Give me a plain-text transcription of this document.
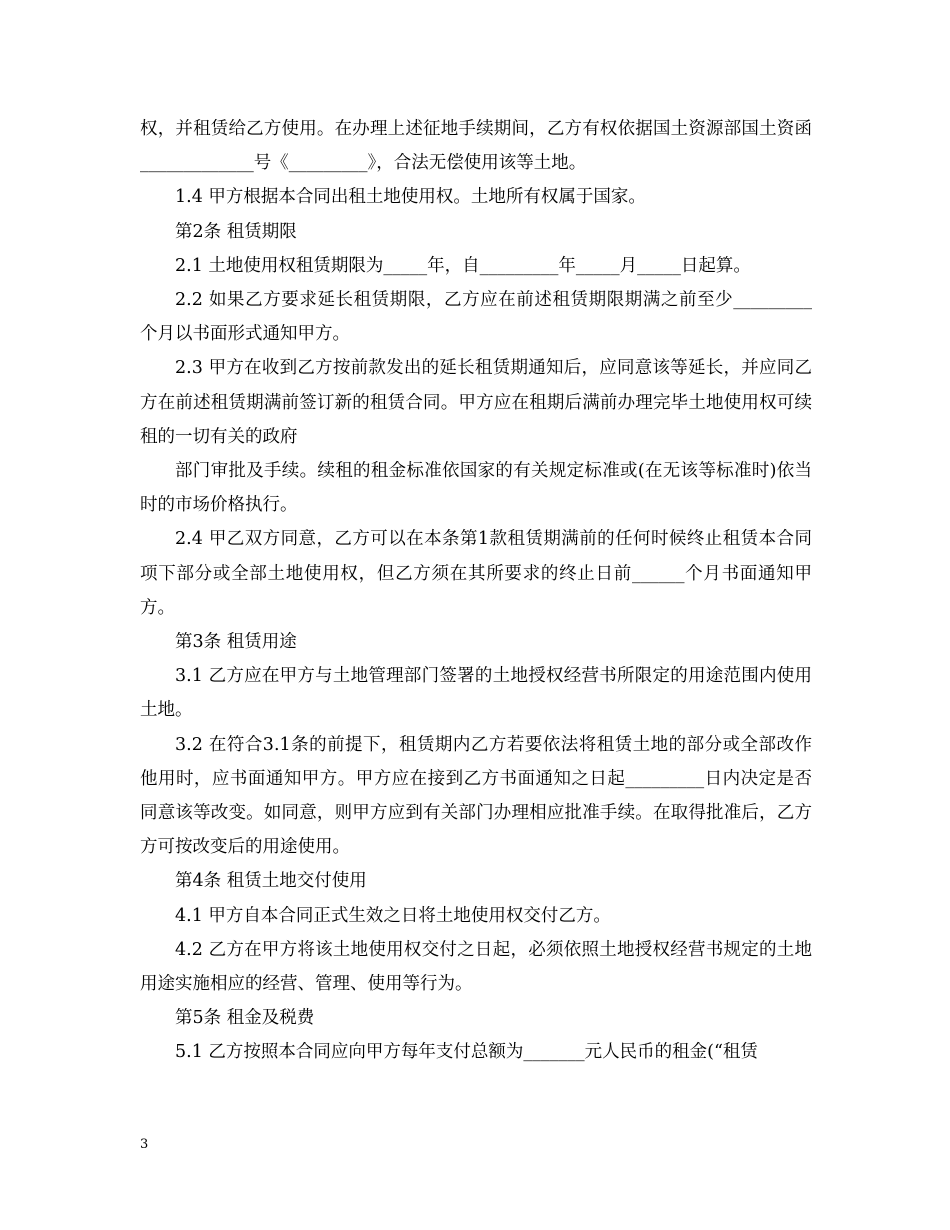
权，并租赁给乙方使用。在办理上述征地手续期间，乙方有权依据国土资源部国土资函_____________号《_________》，合法无偿使用该等土地。

1.4 甲方根据本合同出租土地使用权。土地所有权属于国家。

第2条 租赁期限

2.1 土地使用权租赁期限为_____年，自_________年_____月_____日起算。

2.2 如果乙方要求延长租赁期限，乙方应在前述租赁期限期满之前至少_________个月以书面形式通知甲方。

2.3 甲方在收到乙方按前款发出的延长租赁期通知后，应同意该等延长，并应同乙方在前述租赁期满前签订新的租赁合同。甲方应在租期后满前办理完毕土地使用权可续租的一切有关的政府

部门审批及手续。续租的租金标准依国家的有关规定标准或(在无该等标准时)依当时的市场价格执行。

2.4 甲乙双方同意，乙方可以在本条第1款租赁期满前的任何时候终止租赁本合同项下部分或全部土地使用权，但乙方须在其所要求的终止日前______个月书面通知甲方。

第3条 租赁用途

3.1 乙方应在甲方与土地管理部门签署的土地授权经营书所限定的用途范围内使用土地。

3.2 在符合3.1条的前提下，租赁期内乙方若要依法将租赁土地的部分或全部改作他用时，应书面通知甲方。甲方应在接到乙方书面通知之日起_________日内决定是否同意该等改变。如同意，则甲方应到有关部门办理相应批准手续。在取得批准后，乙方方可按改变后的用途使用。

第4条 租赁土地交付使用

4.1 甲方自本合同正式生效之日将土地使用权交付乙方。

4.2 乙方在甲方将该土地使用权交付之日起，必须依照土地授权经营书规定的土地用途实施相应的经营、管理、使用等行为。

第5条 租金及税费

5.1 乙方按照本合同应向甲方每年支付总额为_______元人民币的租金(“租赁

3
